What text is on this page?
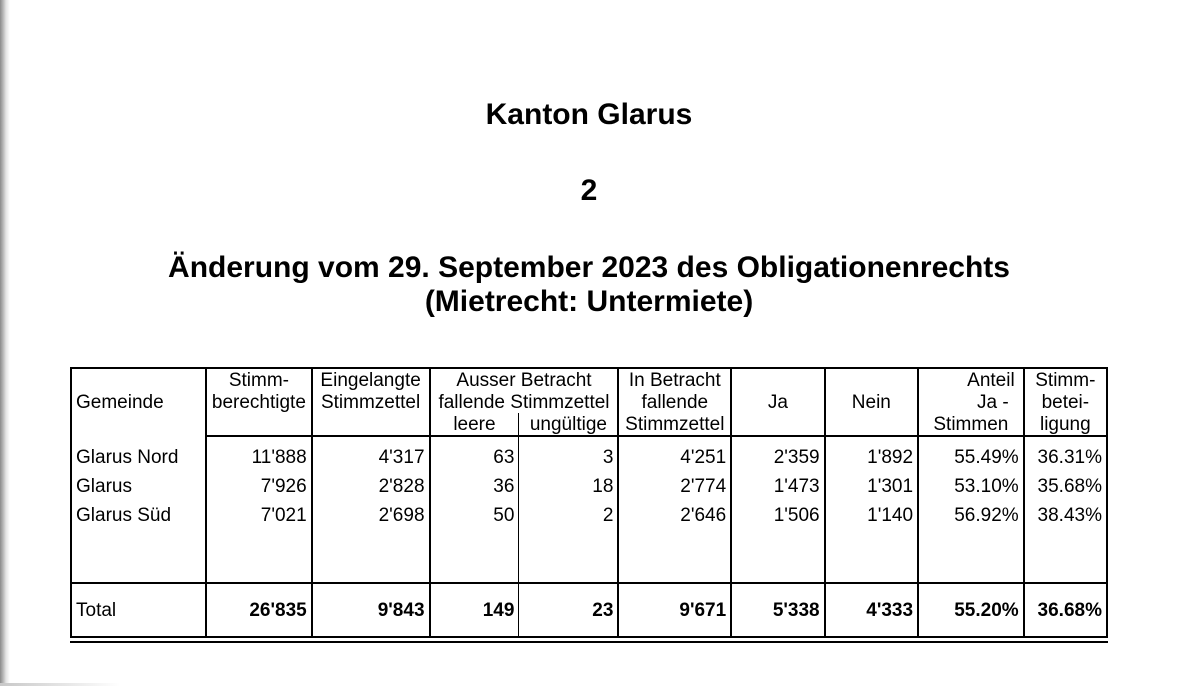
Kanton Glarus
2
Änderung vom 29. September 2023 des Obligationenrechts
(Mietrecht: Untermiete)
Gemeinde	Stimm-	Eingelangte	Ausser Betracht		In Betracht			Anteil	Stimm-
	berechtigte	Stimmzettel	fallende Stimmzettel		fallende	Ja	Nein	Ja -	betei-
			leere	ungültige	Stimmzettel			Stimmen	ligung
Glarus Nord	11'888	4'317	63	3	4'251	2'359	1'892	55.49%	36.31%
Glarus	7'926	2'828	36	18	2'774	1'473	1'301	53.10%	35.68%
Glarus Süd	7'021	2'698	50	2	2'646	1'506	1'140	56.92%	38.43%

Total	26'835	9'843	149	23	9'671	5'338	4'333	55.20%	36.68%
